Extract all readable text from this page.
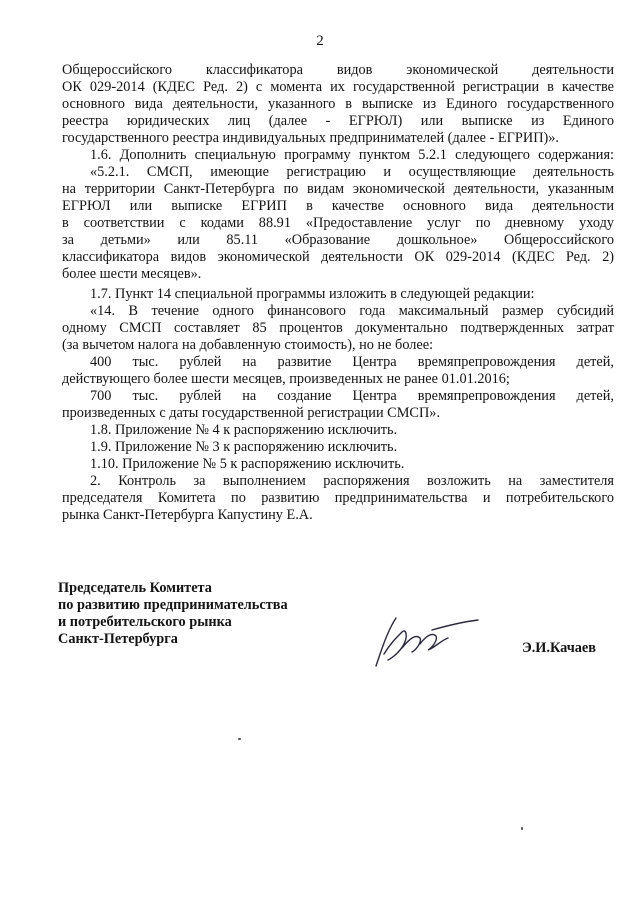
2
Общероссийского классификатора видов экономической деятельности
ОК 029-2014 (КДЕС Ред. 2) с момента их государственной регистрации в качестве
основного вида деятельности, указанного в выписке из Единого государственного
реестра юридических лиц (далее - ЕГРЮЛ) или выписке из Единого
государственного реестра индивидуальных предпринимателей (далее - ЕГРИП)».
1.6. Дополнить специальную программу пунктом 5.2.1 следующего содержания:
«5.2.1. СМСП, имеющие регистрацию и осуществляющие деятельность
на территории Санкт-Петербурга по видам экономической деятельности, указанным
ЕГРЮЛ или выписке ЕГРИП в качестве основного вида деятельности
в соответствии с кодами 88.91 «Предоставление услуг по дневному уходу
за детьми» или 85.11 «Образование дошкольное» Общероссийского
классификатора видов экономической деятельности ОК 029-2014 (КДЕС Ред. 2)
более шести месяцев».
1.7. Пункт 14 специальной программы изложить в следующей редакции:
«14. В течение одного финансового года максимальный размер субсидий
одному СМСП составляет 85 процентов документально подтвержденных затрат
(за вычетом налога на добавленную стоимость), но не более:
400 тыс. рублей на развитие Центра времяпрепровождения детей,
действующего более шести месяцев, произведенных не ранее 01.01.2016;
700 тыс. рублей на создание Центра времяпрепровождения детей,
произведенных с даты государственной регистрации СМСП».
1.8. Приложение № 4 к распоряжению исключить.
1.9. Приложение № 3 к распоряжению исключить.
1.10. Приложение № 5 к распоряжению исключить.
2. Контроль за выполнением распоряжения возложить на заместителя
председателя Комитета по развитию предпринимательства и потребительского
рынка Санкт-Петербурга Капустину Е.А.
Председатель Комитета
по развитию предпринимательства
и потребительского рынка
Санкт-Петербурга
Э.И.Качаев
